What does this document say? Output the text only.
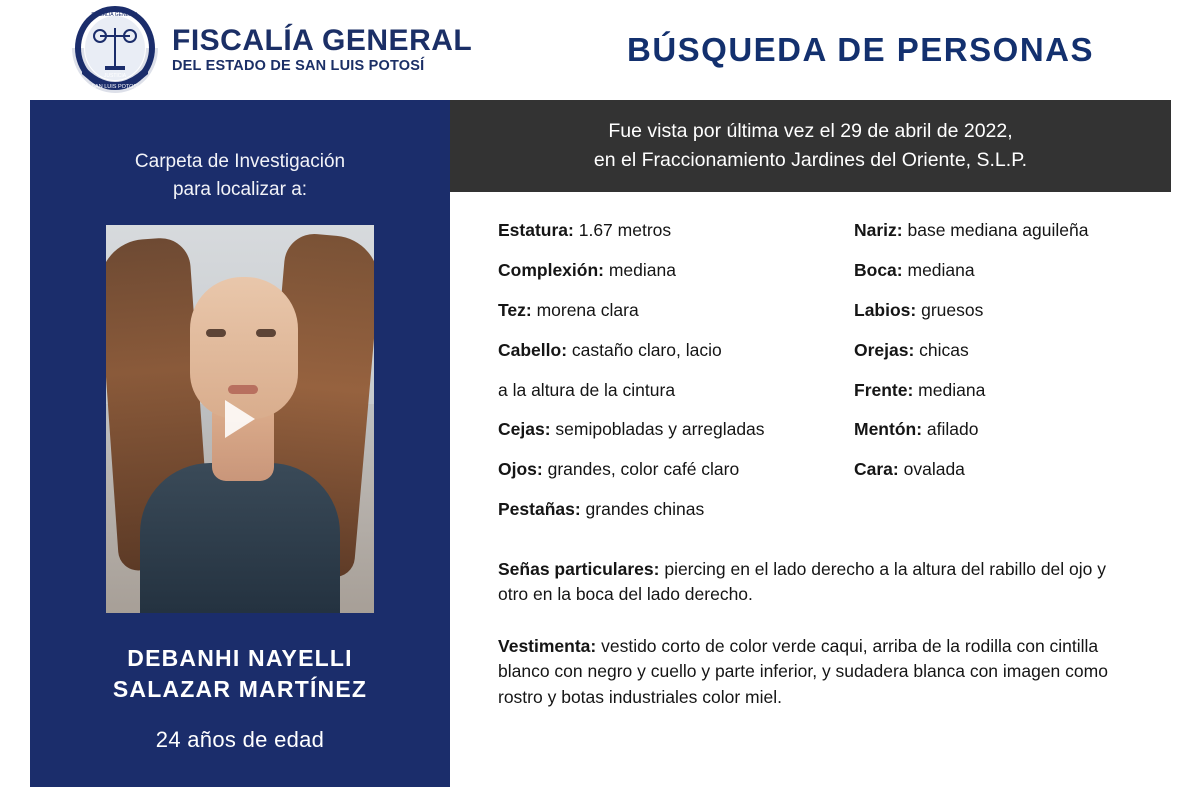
JUSTICIA
SAN LUIS POTOSÍ
FISCALÍA GENERAL
FISCALÍA GENERAL
DEL ESTADO DE SAN LUIS POTOSÍ	BÚSQUEDA DE PERSONAS
Carpeta de Investigación
para localizar a:
DEBANHI NAYELLI
SALAZAR MARTÍNEZ
24 años de edad
Fue vista por última vez el 29 de abril de 2022,
en el Fraccionamiento Jardines del Oriente, S.L.P.
Estatura: 1.67 metros
Complexión: mediana
Tez: morena clara
Cabello: castaño claro, lacio
a la altura de la cintura
Cejas: semipobladas y arregladas
Ojos: grandes, color café claro
Pestañas: grandes chinas
Nariz: base mediana aguileña
Boca: mediana
Labios: gruesos
Orejas: chicas
Frente: mediana
Mentón: afilado
Cara: ovalada
Señas particulares: piercing en el lado derecho a la altura del rabillo del ojo y otro en la boca del lado derecho.
Vestimenta: vestido corto de color verde caqui, arriba de la rodilla con cintilla blanco con negro y cuello y parte inferior, y sudadera blanca con imagen como rostro y botas industriales color miel.
